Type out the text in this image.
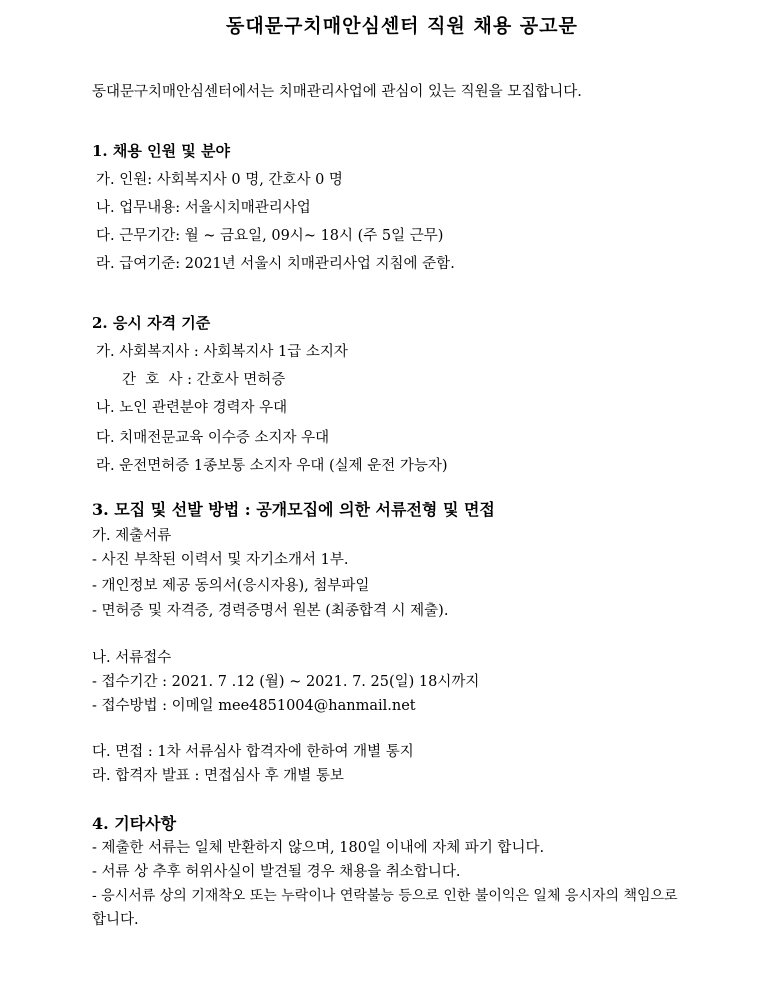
동대문구치매안심센터 직원 채용 공고문
동대문구치매안심센터에서는 치매관리사업에 관심이 있는 직원을 모집합니다.
1. 채용 인원 및 분야
가. 인원: 사회복지사 0 명, 간호사 0 명
나. 업무내용: 서울시치매관리사업
다. 근무기간: 월 ~ 금요일, 09시~ 18시 (주 5일 근무)
라. 급여기준: 2021년 서울시 치매관리사업 지침에 준함.
2. 응시 자격 기준
가. 사회복지사 : 사회복지사 1급 소지자
간  호  사 : 간호사 면허증
나. 노인 관련분야 경력자 우대
다. 치매전문교육 이수증 소지자 우대
라. 운전면허증 1종보통 소지자 우대 (실제 운전 가능자)
3. 모집 및 선발 방법 : 공개모집에 의한 서류전형 및 면접
가. 제출서류
- 사진 부착된 이력서 및 자기소개서 1부.
- 개인정보 제공 동의서(응시자용), 첨부파일
- 면허증 및 자격증, 경력증명서 원본 (최종합격 시 제출).
나. 서류접수
- 접수기간 : 2021. 7 .12 (월) ~ 2021. 7. 25(일) 18시까지
- 접수방법 : 이메일 mee4851004@hanmail.net
다. 면접 : 1차 서류심사 합격자에 한하여 개별 통지
라. 합격자 발표 : 면접심사 후 개별 통보
4. 기타사항
- 제출한 서류는 일체 반환하지 않으며, 180일 이내에 자체 파기 합니다.
- 서류 상 추후 허위사실이 발견될 경우 채용을 취소합니다.
- 응시서류 상의 기재착오 또는 누락이나 연락불능 등으로 인한 불이익은 일체 응시자의 책임으로
합니다.
